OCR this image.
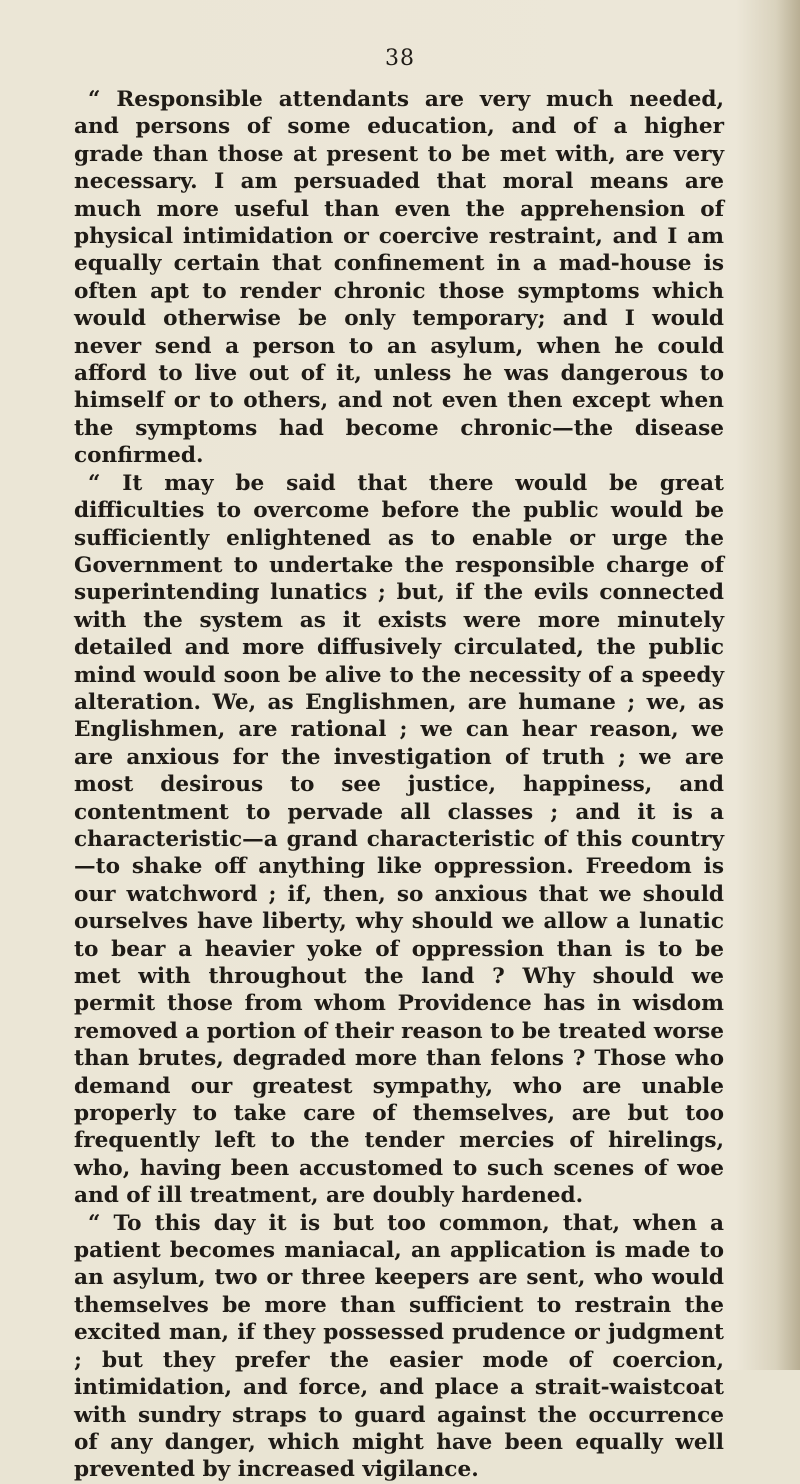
38

“ Responsible attendants are very much needed, and persons of some education, and of a higher grade than those at present to be met with, are very necessary. I am persuaded that moral means are much more useful than even the apprehension of physical intimidation or coercive restraint, and I am equally certain that confinement in a mad-house is often apt to render chronic those symptoms which would otherwise be only temporary; and I would never send a person to an asylum, when he could afford to live out of it, unless he was dangerous to himself or to others, and not even then except when the symptoms had become chronic—the disease confirmed.

“ It may be said that there would be great difficulties to overcome before the public would be sufficiently enlightened as to enable or urge the Government to undertake the responsible charge of superintending lunatics ; but, if the evils connected with the system as it exists were more minutely detailed and more diffusively circulated, the public mind would soon be alive to the necessity of a speedy alteration. We, as Englishmen, are humane ; we, as Englishmen, are rational ; we can hear reason, we are anxious for the investigation of truth ; we are most desirous to see justice, happiness, and contentment to pervade all classes ; and it is a characteristic—a grand characteristic of this country—to shake off anything like oppression. Freedom is our watchword ; if, then, so anxious that we should ourselves have liberty, why should we allow a lunatic to bear a heavier yoke of oppression than is to be met with throughout the land ? Why should we permit those from whom Providence has in wisdom removed a portion of their reason to be treated worse than brutes, degraded more than felons ? Those who demand our greatest sympathy, who are unable properly to take care of themselves, are but too frequently left to the tender mercies of hirelings, who, having been accustomed to such scenes of woe and of ill treatment, are doubly hardened.

“ To this day it is but too common, that, when a patient becomes maniacal, an application is made to an asylum, two or three keepers are sent, who would themselves be more than sufficient to restrain the excited man, if they possessed prudence or judgment ; but they prefer the easier mode of coercion, intimidation, and force, and place a strait-waistcoat with sundry straps to guard against the occurrence of any danger, which might have been equally well prevented by increased vigilance.
